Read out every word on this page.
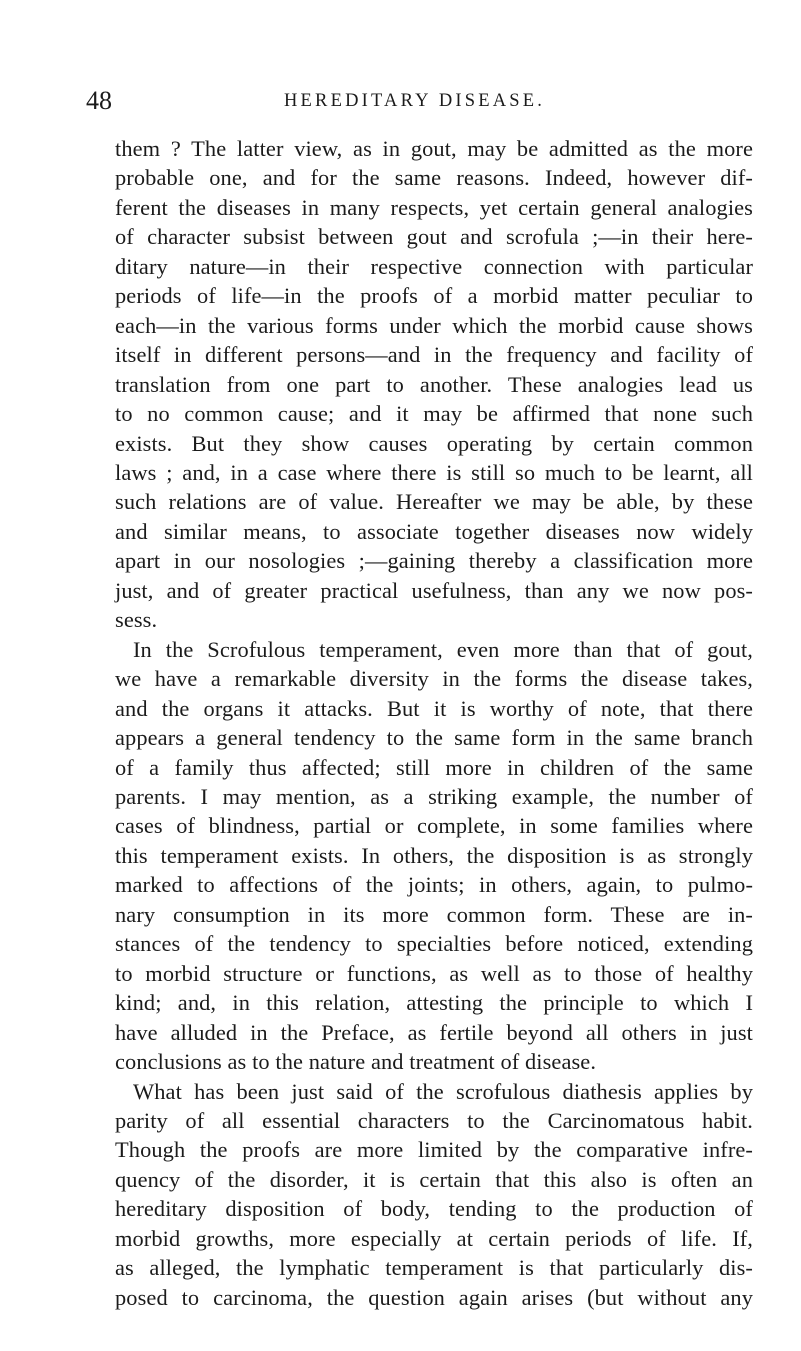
48	HEREDITARY DISEASE.
them ? The latter view, as in gout, may be admitted as the more
probable one, and for the same reasons. Indeed, however dif-
ferent the diseases in many respects, yet certain general analogies
of character subsist between gout and scrofula ;—in their here-
ditary nature—in their respective connection with particular
periods of life—in the proofs of a morbid matter peculiar to
each—in the various forms under which the morbid cause shows
itself in different persons—and in the frequency and facility of
translation from one part to another. These analogies lead us
to no common cause; and it may be affirmed that none such
exists. But they show causes operating by certain common
laws ; and, in a case where there is still so much to be learnt, all
such relations are of value. Hereafter we may be able, by these
and similar means, to associate together diseases now widely
apart in our nosologies ;—gaining thereby a classification more
just, and of greater practical usefulness, than any we now pos-
sess.
In the Scrofulous temperament, even more than that of gout,
we have a remarkable diversity in the forms the disease takes,
and the organs it attacks. But it is worthy of note, that there
appears a general tendency to the same form in the same branch
of a family thus affected; still more in children of the same
parents. I may mention, as a striking example, the number of
cases of blindness, partial or complete, in some families where
this temperament exists. In others, the disposition is as strongly
marked to affections of the joints; in others, again, to pulmo-
nary consumption in its more common form. These are in-
stances of the tendency to specialties before noticed, extending
to morbid structure or functions, as well as to those of healthy
kind; and, in this relation, attesting the principle to which I
have alluded in the Preface, as fertile beyond all others in just
conclusions as to the nature and treatment of disease.
What has been just said of the scrofulous diathesis applies by
parity of all essential characters to the Carcinomatous habit.
Though the proofs are more limited by the comparative infre-
quency of the disorder, it is certain that this also is often an
hereditary disposition of body, tending to the production of
morbid growths, more especially at certain periods of life. If,
as alleged, the lymphatic temperament is that particularly dis-
posed to carcinoma, the question again arises (but without any
